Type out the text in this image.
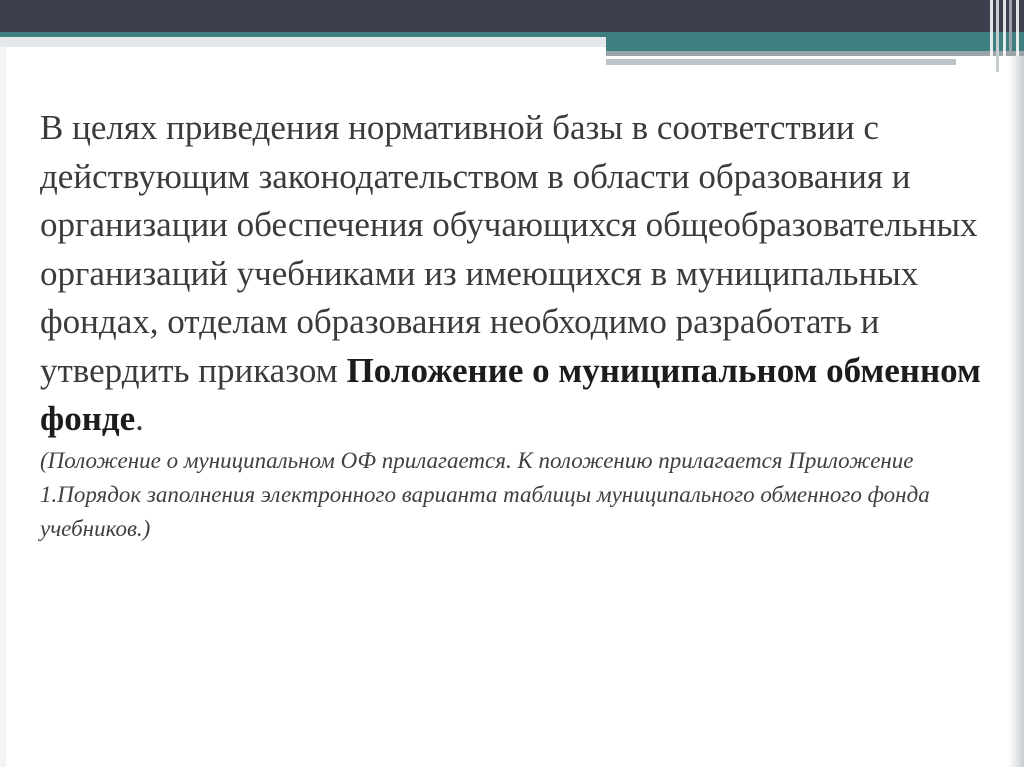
В целях приведения нормативной базы в соответствии с действующим законодательством в области образования и организации обеспечения обучающихся общеобразовательных организаций учебниками из имеющихся в муниципальных фондах, отделам образования необходимо разработать и утвердить приказом Положение о муниципальном обменном фонде.

(Положение о муниципальном ОФ прилагается. К положению прилагается Приложение 1.Порядок заполнения электронного варианта таблицы муниципального обменного фонда учебников.)
